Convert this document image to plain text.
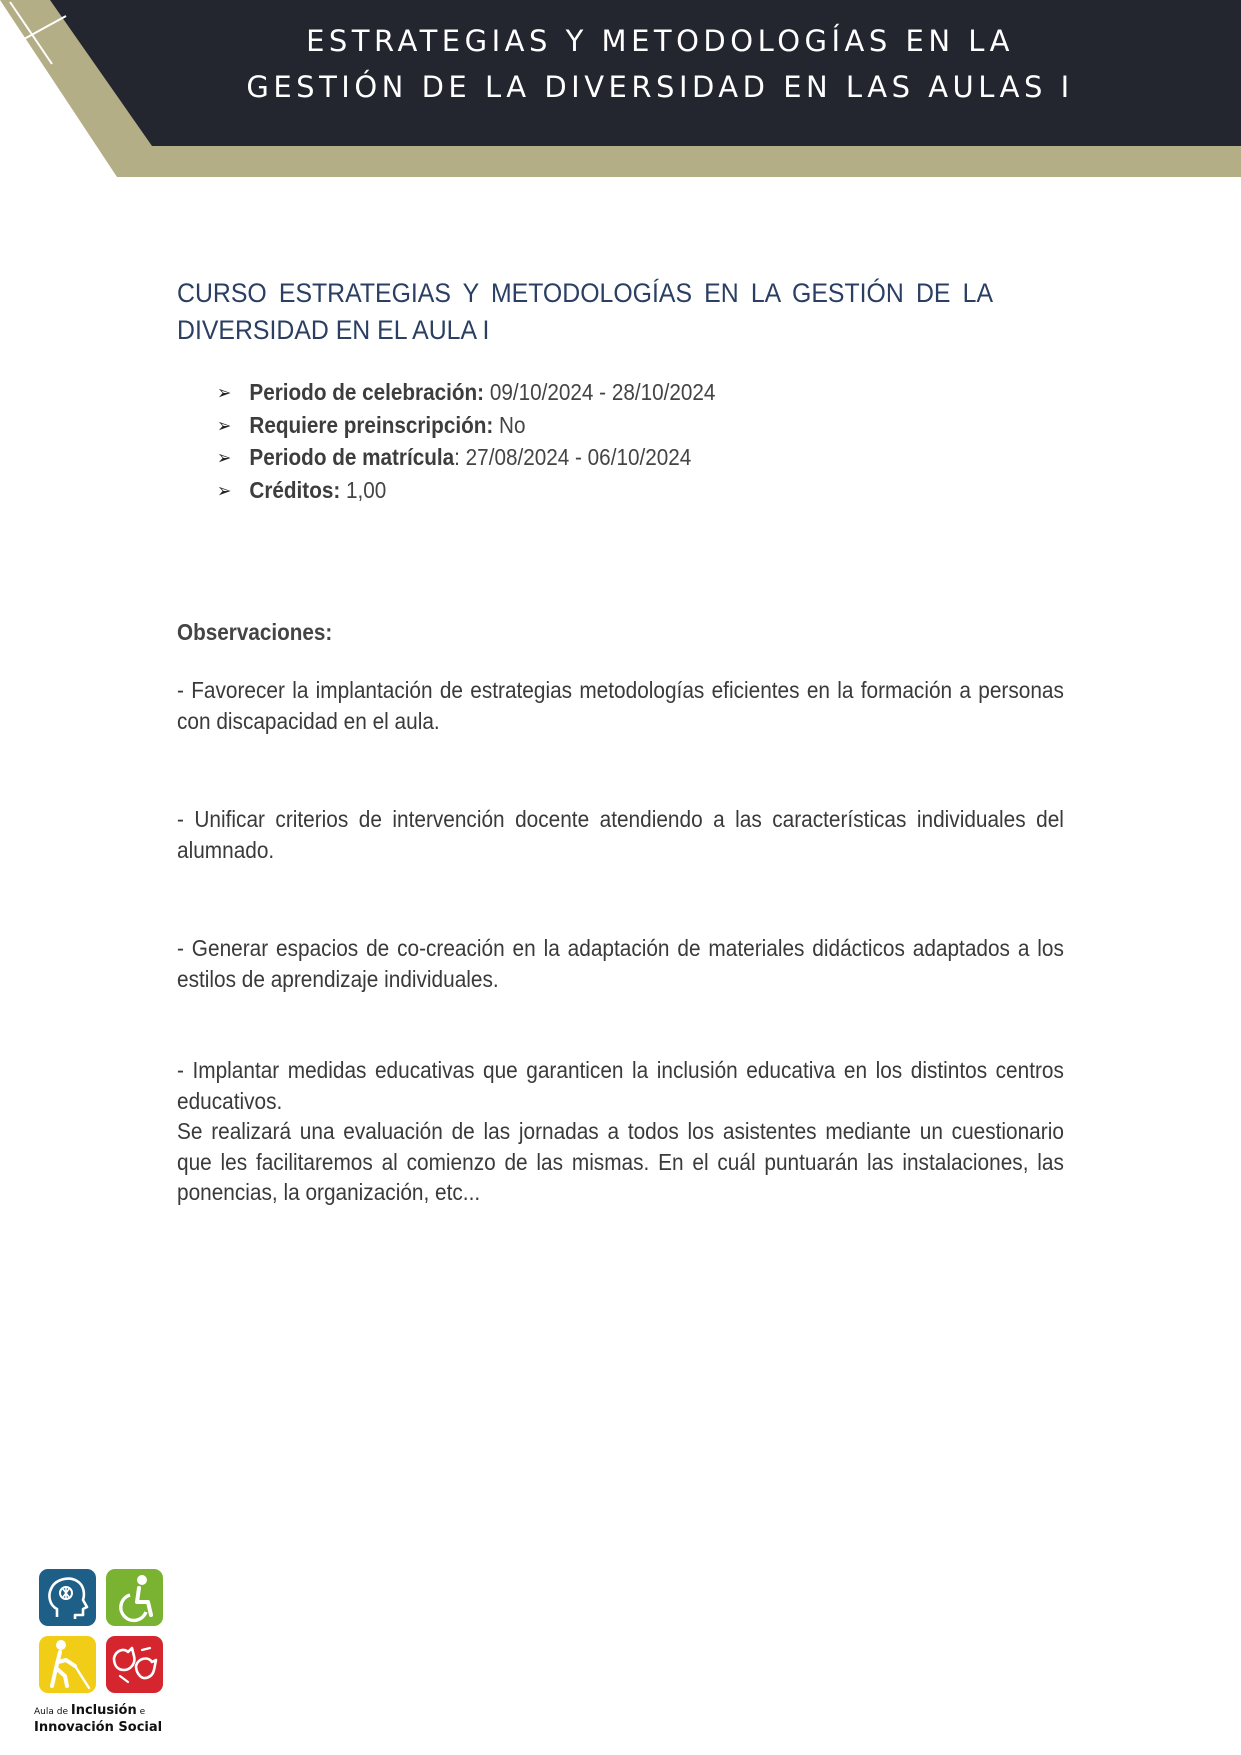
ESTRATEGIAS Y METODOLOGÍAS EN LA
GESTIÓN DE LA DIVERSIDAD EN LAS AULAS I
CURSO ESTRATEGIAS Y METODOLOGÍAS EN LA GESTIÓN DE LA DIVERSIDAD EN EL AULA I
➢ Periodo de celebración: 09/10/2024 - 28/10/2024
➢ Requiere preinscripción: No
➢ Periodo de matrícula: 27/08/2024 - 06/10/2024
➢ Créditos: 1,00
Observaciones:

- Favorecer la implantación de estrategias metodologías eficientes en la formación a personas con discapacidad en el aula.

- Unificar criterios de intervención docente atendiendo a las características individuales del alumnado.

- Generar espacios de co-creación en la adaptación de materiales didácticos adaptados a los estilos de aprendizaje individuales.

- Implantar medidas educativas que garanticen la inclusión educativa en los distintos centros educativos.

Se realizará una evaluación de las jornadas a todos los asistentes mediante un cuestionario que les facilitaremos al comienzo de las mismas. En el cuál puntuarán las instalaciones, las ponencias, la organización, etc...

Aula de Inclusión e
Innovación Social
